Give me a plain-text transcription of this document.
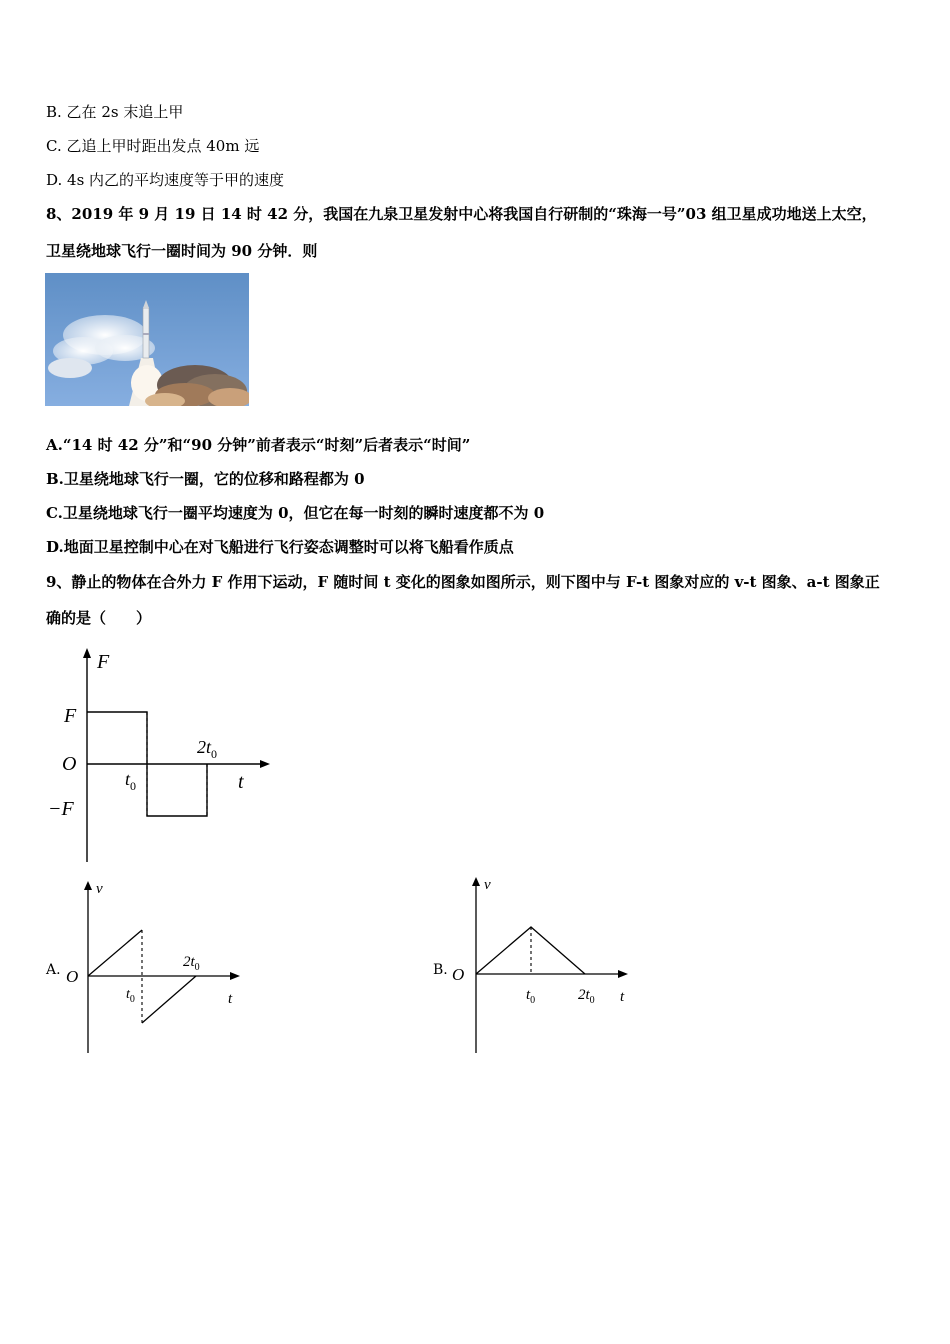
B. 乙在 2s 末追上甲
C. 乙追上甲时距出发点 40m 远
D. 4s 内乙的平均速度等于甲的速度
8、2019 年 9 月 19 日 14 时 42 分，我国在九泉卫星发射中心将我国自行研制的“珠海一号”03 组卫星成功地送上太空，
卫星绕地球飞行一圈时间为 90 分钟．则
A.“14 时 42 分”和“90 分钟”前者表示“时刻”后者表示“时间”
B.卫星绕地球飞行一圈，它的位移和路程都为 0
C.卫星绕地球飞行一圈平均速度为 0，但它在每一时刻的瞬时速度都不为 0
D.地面卫星控制中心在对飞船进行飞行姿态调整时可以将飞船看作质点
9、静止的物体在合外力 F 作用下运动，F 随时间 t 变化的图象如图所示，则下图中与 F-t 图象对应的 v-t 图象、a-t 图象正
确的是（　　）
F
F
O
−F
$t_0$
$2t_0$
t
A.
v
O
$t_0$
$2t_0$
t
B.
v
O
$t_0$	$2t_0$ t
